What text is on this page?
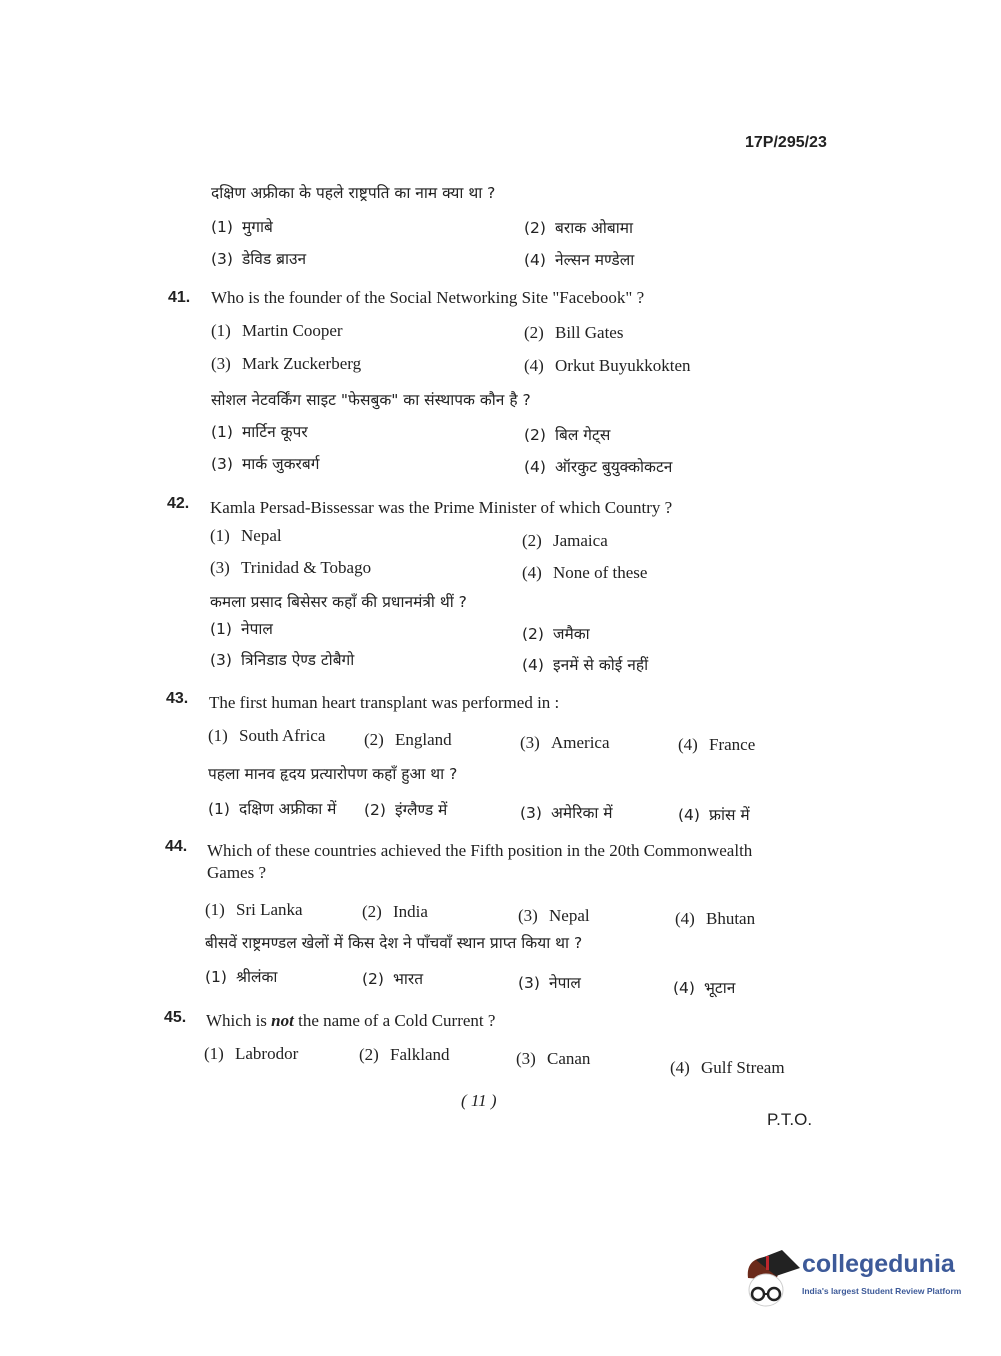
17P/295/23
दक्षिण अफ्रीका के पहले राष्ट्रपति का नाम क्या था ?
(1) मुगाबे	(2) बराक ओबामा
(3) डेविड ब्राउन	(4) नेल्सन मण्डेला
41. Who is the founder of the Social Networking Site "Facebook" ?
(1) Martin Cooper	(2) Bill Gates
(3) Mark Zuckerberg	(4) Orkut Buyukkokten
सोशल नेटवर्किंग साइट "फेसबुक" का संस्थापक कौन है ?
(1) मार्टिन कूपर	(2) बिल गेट्स
(3) मार्क जुकरबर्ग	(4) ऑरकुट बुयुक्कोकटन
42. Kamla Persad-Bissessar was the Prime Minister of which Country ?
(1) Nepal	(2) Jamaica
(3) Trinidad & Tobago	(4) None of these
कमला प्रसाद बिसेसर कहाँ की प्रधानमंत्री थीं ?
(1) नेपाल	(2) जमैका
(3) त्रिनिडाड ऐण्ड टोबैगो	(4) इनमें से कोई नहीं
43. The first human heart transplant was performed in :
(1) South Africa (2) England	(3) America	(4) France
पहला मानव हृदय प्रत्यारोपण कहाँ हुआ था ?
(1) दक्षिण अफ्रीका में (2) इंग्लैण्ड में	(3) अमेरिका में	(4) फ्रांस में
44. Which of these countries achieved the Fifth position in the 20th Commonwealth
Games ?
(1) Sri Lanka	(2) India	(3) Nepal	(4) Bhutan
बीसवें राष्ट्रमण्डल खेलों में किस देश ने पाँचवाँ स्थान प्राप्त किया था ?
(1) श्रीलंका	(2) भारत	(3) नेपाल	(4) भूटान
45. Which is not the name of a Cold Current ?
(1) Labrodor	(2) Falkland	(3) Canan	(4) Gulf Stream
( 11 )
P.T.O.
collegedunia
India's largest Student Review Platform
